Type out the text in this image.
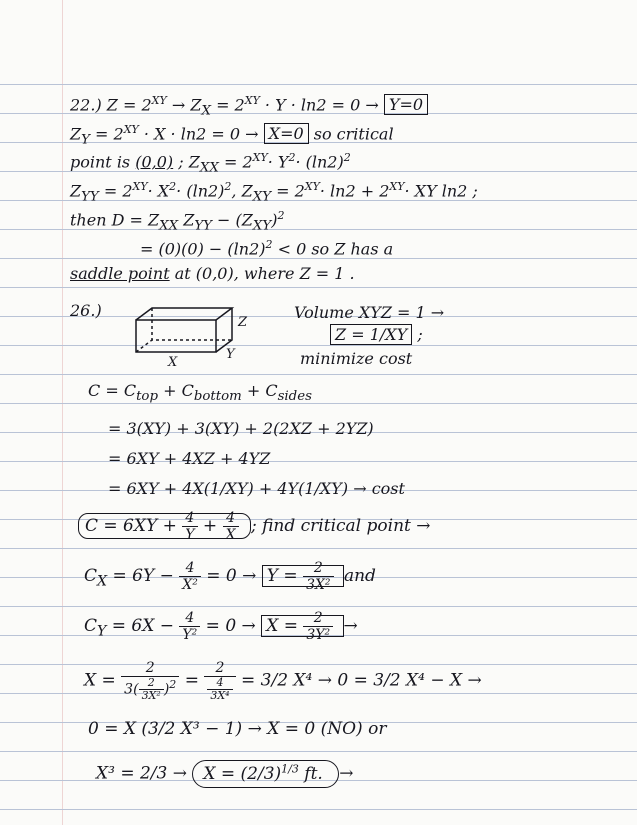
22.) $Z = 2^{XY} \to Z_X = 2^{XY} \cdot Y \cdot \ln 2 = 0 \to Y=0$
$Z_Y = 2^{XY} \cdot X \cdot \ln 2 = 0 \to X=0$ so critical
point is (0,0) ; $Z_{XX} = 2^{XY}\cdot Y^2\cdot (\ln 2)^2$
$Z_{YY} = 2^{XY}\cdot X^2\cdot (\ln 2)^2$, $Z_{XY} = 2^{XY}\cdot \ln 2 + 2^{XY}\cdot$ XY ln2 ;
then $D = Z_{XX}$ $Z_{YY} - (Z_{XY})^2$
= $(0)(0) - (\ln 2)^2 < 0$ so Z has a
saddle point at (0,0), where Z = 1 .
26.)
Z
X
Y
Volume XYZ = 1 →
Z = 1/XY ;
minimize cost
$C = C_{top} + C_{bottom} + C_{sides}$
= 3(XY) + 3(XY) + 2(2XZ + 2YZ)
= 6XY + 4XZ + 4YZ
= 6XY + 4X(1/XY) + 4Y(1/XY) → cost
$C = 6XY + \frac{4}{Y} + \frac{4}{X}$ ; find critical point →
$C_X = 6Y - \frac{4}{\text{X²}} = 0 \to Y = \frac{2}{\text{3X²}}$ and
$C_Y = 6X - \frac{4}{\text{Y²}} = 0 \to X = \frac{2}{\text{3Y²}}$ →
$X = \frac{2}{3( \frac{2}{\text{3X²}} )^2} = \frac{2}{\frac{4}{\text{3X⁴}}} = 3/2$ X⁴ → 0 = 3/2 X⁴ − X →
0 = X (3/2 X³ − 1) → X = 0 (NO) or
$X^3 = 2/3 \to X = (2/3)^{1/3}$ ft. →
